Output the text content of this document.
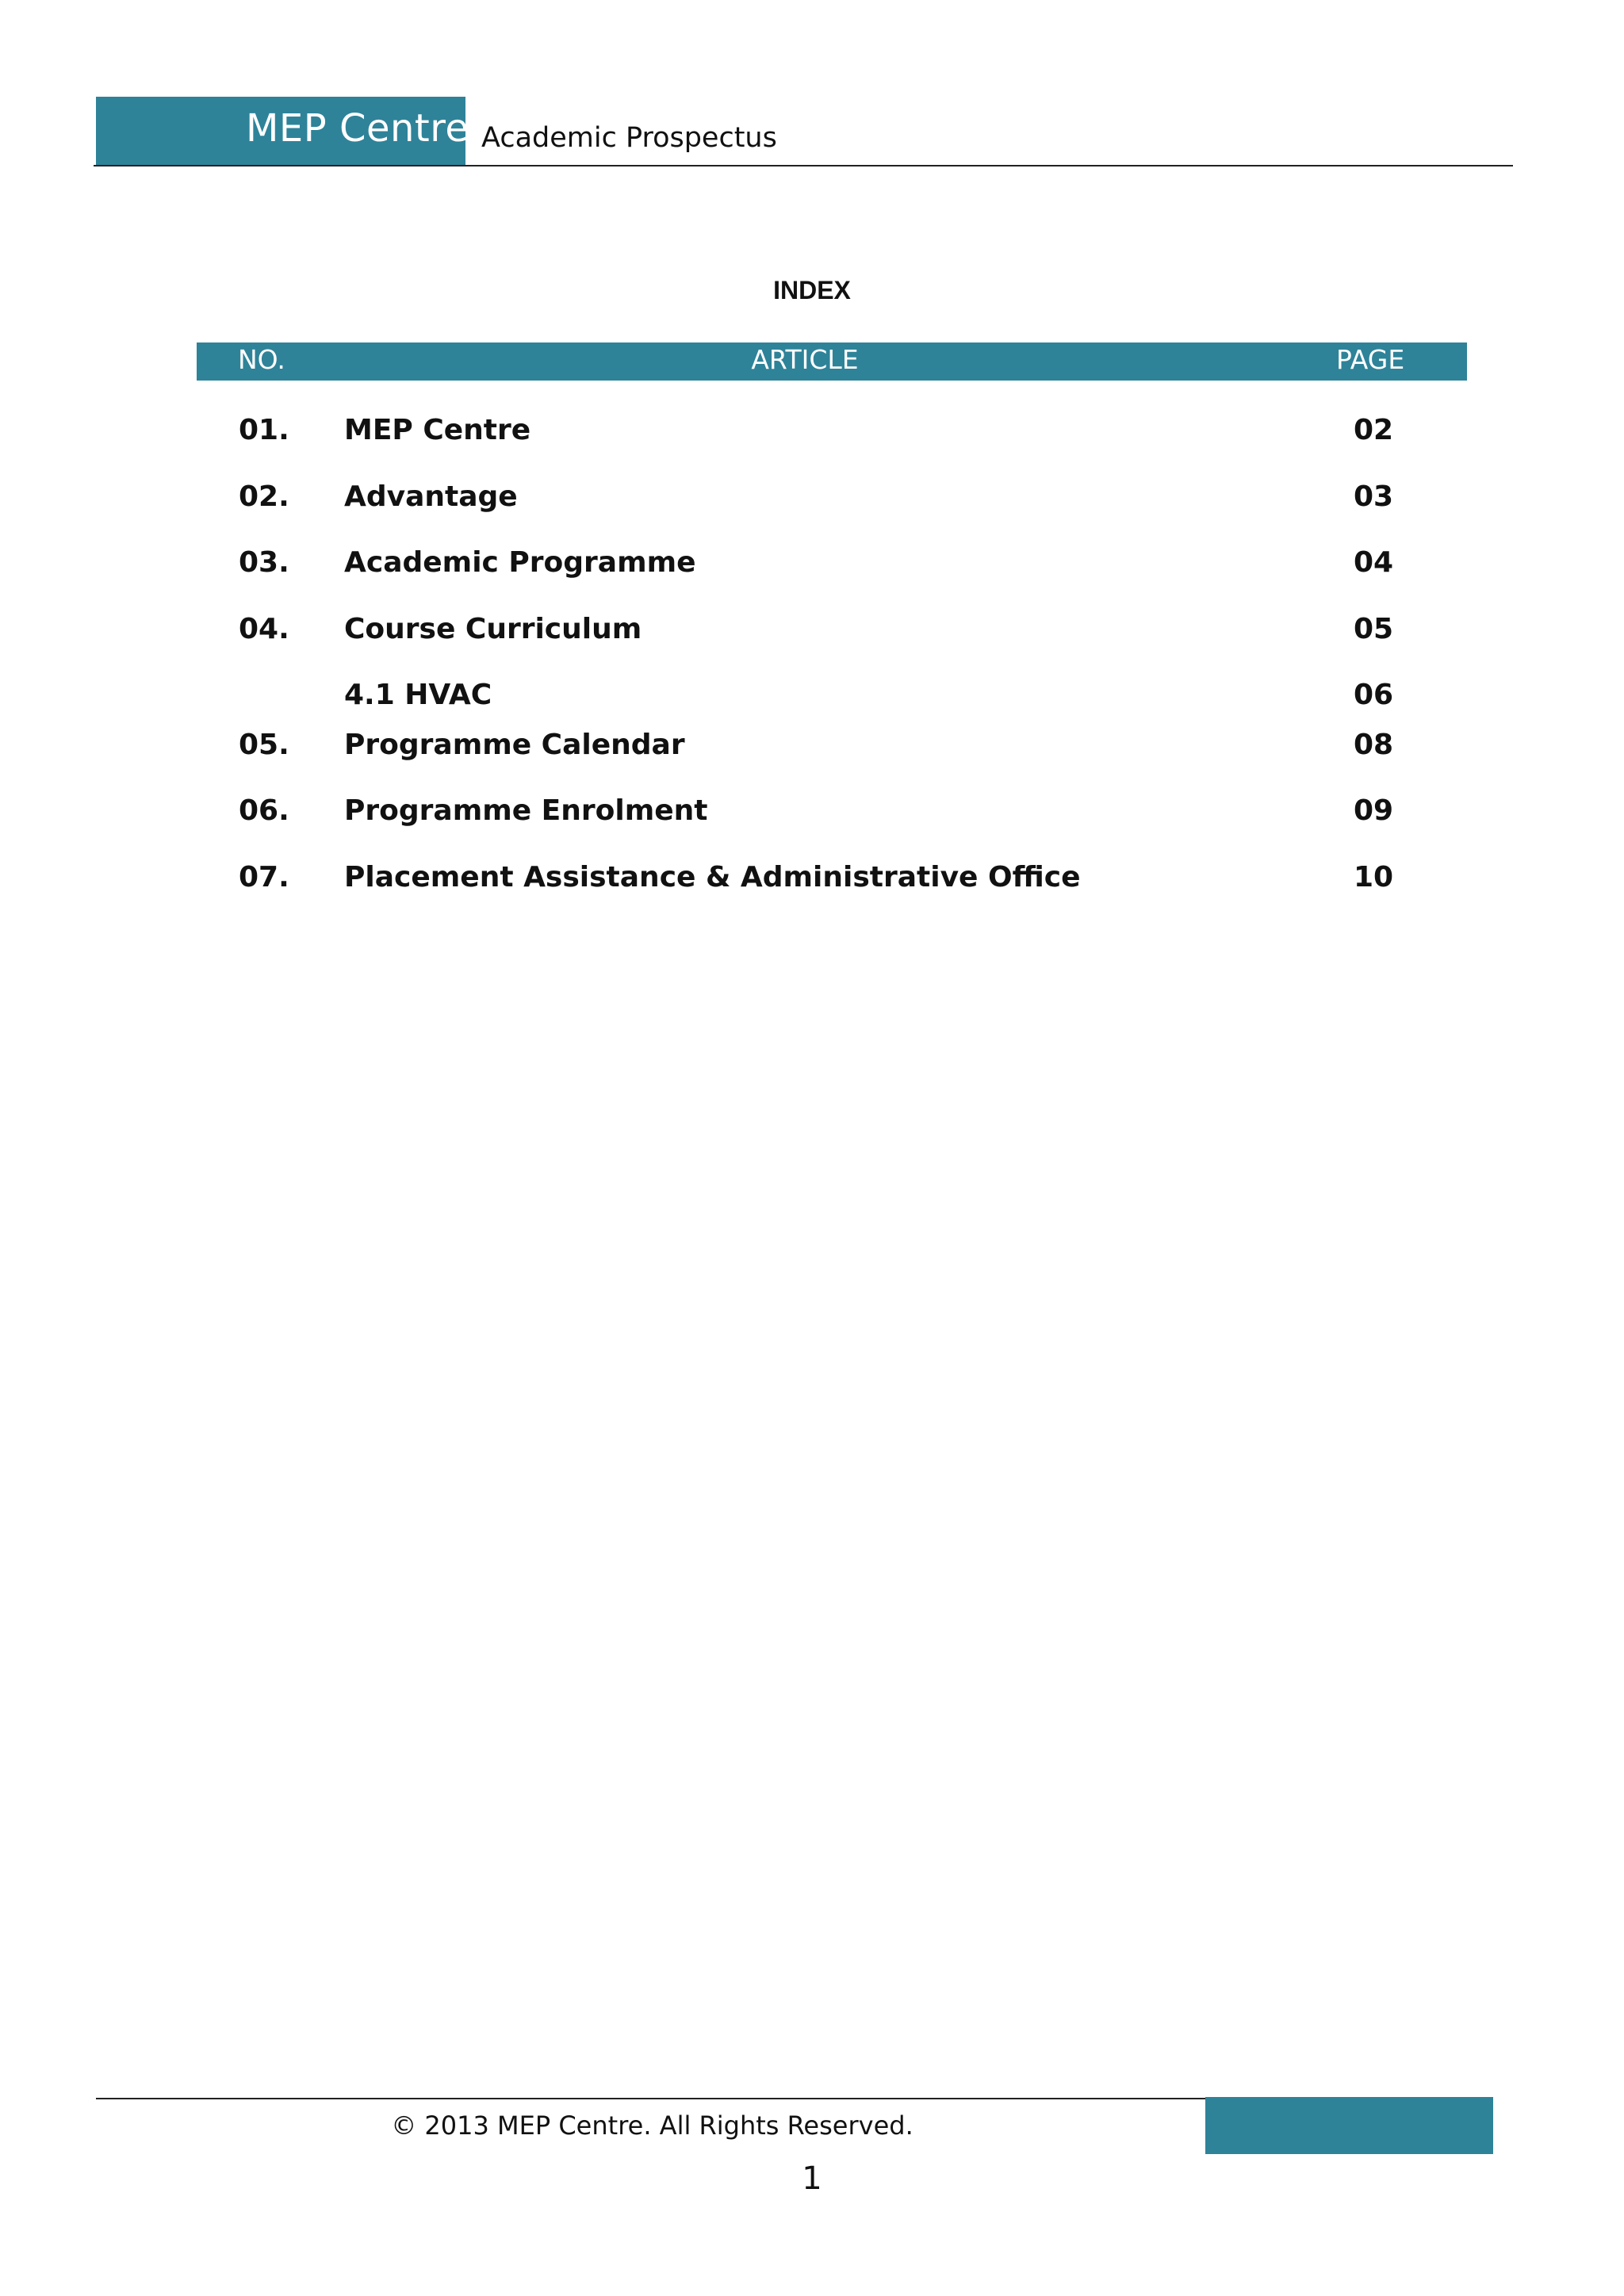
MEP Centre Academic Prospectus
INDEX
NO.	ARTICLE	PAGE
01. MEP Centre	02
02. Advantage	03
03. Academic Programme	04
04. Course Curriculum	05
4.1 HVAC	06
05. Programme Calendar	08
06. Programme Enrolment	09
07. Placement Assistance & Administrative Office	10
© 2013 MEP Centre. All Rights Reserved.
1
